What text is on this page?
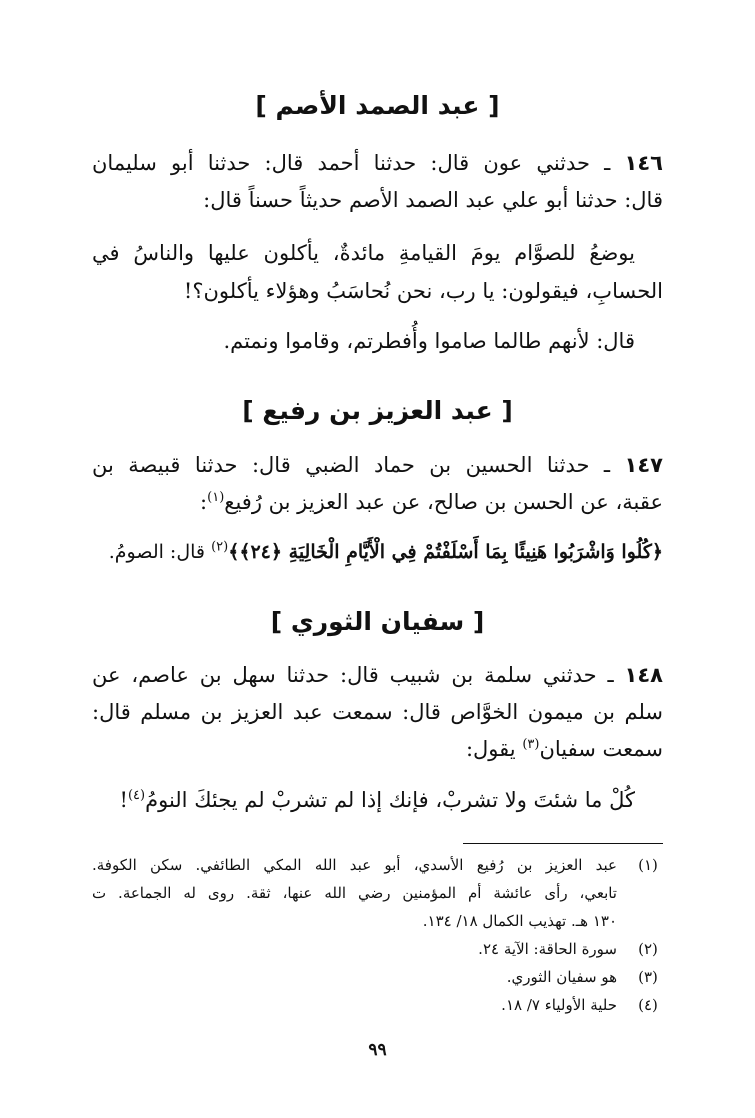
[ عبد الصمد الأصم ]
١٤٦ ـ حدثني عون قال: حدثنا أحمد قال: حدثنا أبو سليمان
قال: حدثنا أبو علي عبد الصمد الأصم حديثاً حسناً قال:
يوضعُ للصوَّام يومَ القيامةِ مائدةٌ، يأكلون عليها والناسُ في
الحسابِ، فيقولون: يا رب، نحن نُحاسَبُ وهؤلاء يأكلون؟!
قال: لأنهم طالما صاموا وأُفطرتم، وقاموا ونمتم.
[ عبد العزيز بن رفيع ]
١٤٧ ـ حدثنا الحسين بن حماد الضبي قال: حدثنا قبيصة بن
عقبة، عن الحسن بن صالح، عن عبد العزيز بن رُفيع$^{(١)}$:
﴿كُلُوا وَاشْرَبُوا هَنِيئًا بِمَا أَسْلَفْتُمْ فِي الْأَيَّامِ الْخَالِيَةِ ﴿٢٤﴾﴾$^{(٢)}$ قال: الصومُ.
[ سفيان الثوري ]
١٤٨ ـ حدثني سلمة بن شبيب قال: حدثنا سهل بن عاصم، عن
سلم بن ميمون الخوَّاص قال: سمعت عبد العزيز بن مسلم قال:
سمعت سفيان$^{(٣)}$ يقول:
كُلْ ما شئتَ ولا تشربْ، فإنك إذا لم تشربْ لم يجئكَ النومُ$^{(٤)}$!
(١)
عبد العزيز بن رُفيع الأسدي، أبو عبد الله المكي الطائفي. سكن الكوفة.
تابعي، رأى عائشة أم المؤمنين رضي الله عنها، ثقة. روى له الجماعة. ت
١٣٠ هـ. تهذيب الكمال ١٨/ ١٣٤.
(٢)
سورة الحاقة: الآية ٢٤.
(٣)
هو سفيان الثوري.
(٤)
حلية الأولياء ٧/ ١٨.
٩٩
